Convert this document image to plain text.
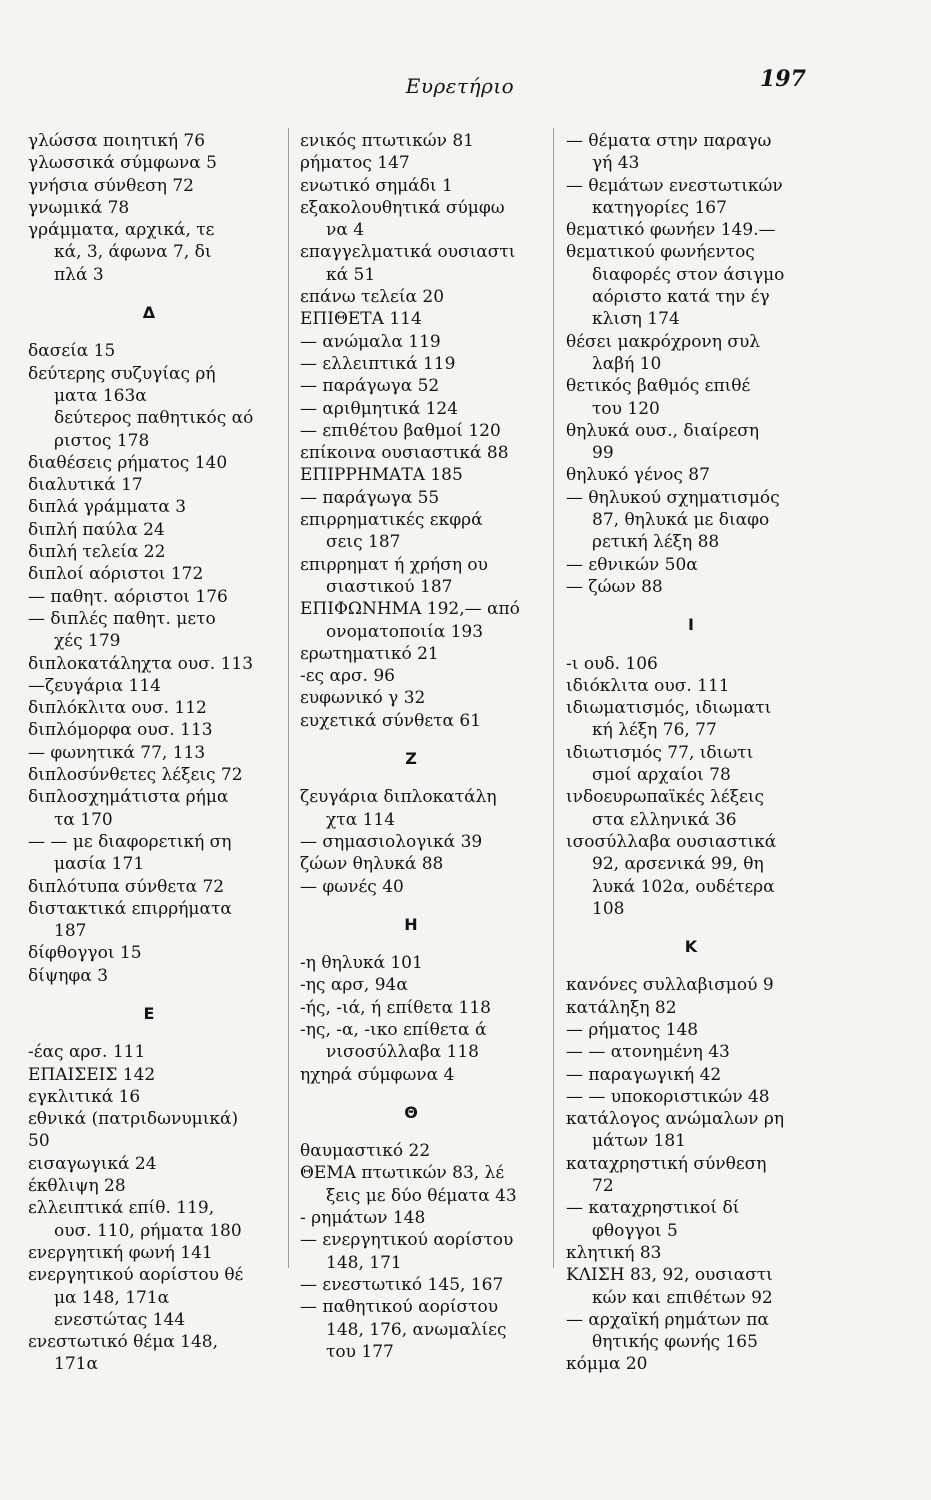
Ευρετήριο	197
γλώσσα ποιητική 76
γλωσσικά σύμφωνα 5
γνήσια σύνθεση 72
γνωμικά 78
γράμματα, αρχικά, τε
κά, 3, άφωνα 7, δι
πλά 3
Δ
δασεία 15
δεύτερης συζυγίας ρή
ματα 163α
δεύτερος παθητικός αό
ριστος 178
διαθέσεις ρήματος 140
διαλυτικά 17
διπλά γράμματα 3
διπλή παύλα 24
διπλή τελεία 22
διπλοί αόριστοι 172
— παθητ. αόριστοι 176
— διπλές παθητ. μετο
χές 179
διπλοκατάληχτα ουσ. 113
—ζευγάρια 114
διπλόκλιτα ουσ. 112
διπλόμορφα ουσ. 113
— φωνητικά 77, 113
διπλοσύνθετες λέξεις 72
διπλοσχημάτιστα ρήμα
τα 170
— — με διαφορετική ση
μασία 171
διπλότυπα σύνθετα 72
διστακτικά επιρρήματα
187
δίφθογγοι 15
δίψηφα 3
Ε
-έας αρσ. 111
ΕΠΑΙΣΕΙΣ 142
εγκλιτικά 16
εθνικά (πατριδωνυμικά)
50
εισαγωγικά 24
έκθλιψη 28
ελλειπτικά επίθ. 119,
ουσ. 110, ρήματα 180
ενεργητική φωνή 141
ενεργητικού αορίστου θέ
μα 148, 171α
ενεστώτας 144
ενεστωτικό θέμα 148,
171α
ενικός πτωτικών 81
ρήματος 147
ενωτικό σημάδι 1
εξακολουθητικά σύμφω
να 4
επαγγελματικά ουσιαστι
κά 51
επάνω τελεία 20
ΕΠΙΘΕΤΑ 114
— ανώμαλα 119
— ελλειπτικά 119
— παράγωγα 52
— αριθμητικά 124
— επιθέτου βαθμοί 120
επίκοινα ουσιαστικά 88
ΕΠΙΡΡΗΜΑΤΑ 185
— παράγωγα 55
επιρρηματικές εκφρά
σεις 187
επιρρηματ ή χρήση ου
σιαστικού 187
ΕΠΙΦΩΝΗΜΑ 192,— από
ονοματοποιία 193
ερωτηματικό 21
-ες αρσ. 96
ευφωνικό γ 32
ευχετικά σύνθετα 61
Ζ
ζευγάρια διπλοκατάλη
χτα 114
— σημασιολογικά 39
ζώων θηλυκά 88
— φωνές 40
Η
-η θηλυκά 101
-ης αρσ, 94α
-ής, -ιά, ή επίθετα 118
-ης, -α, -ικο επίθετα ά
νισοσύλλαβα 118
ηχηρά σύμφωνα 4
Θ
θαυμαστικό 22
ΘΕΜΑ πτωτικών 83, λέ
ξεις με δύο θέματα 43
- ρημάτων 148
— ενεργητικού αορίστου
148, 171
— ενεστωτικό 145, 167
— παθητικού αορίστου
148, 176, ανωμαλίες
του 177
— θέματα στην παραγω
γή 43
— θεμάτων ενεστωτικών
κατηγορίες 167
θεματικό φωνήεν 149.—
θεματικού φωνήεντος
διαφορές στον άσιγμο
αόριστο κατά την έγ
κλιση 174
θέσει μακρόχρονη συλ
λαβή 10
θετικός βαθμός επιθέ
του 120
θηλυκά ουσ., διαίρεση
99
θηλυκό γένος 87
— θηλυκού σχηματισμός
87, θηλυκά με διαφο
ρετική λέξη 88
— εθνικών 50α
— ζώων 88
Ι
-ι ουδ. 106
ιδιόκλιτα ουσ. 111
ιδιωματισμός, ιδιωματι
κή λέξη 76, 77
ιδιωτισμός 77, ιδιωτι
σμοί αρχαίοι 78
ινδοευρωπαϊκές λέξεις
στα ελληνικά 36
ισοσύλλαβα ουσιαστικά
92, αρσενικά 99, θη
λυκά 102α, ουδέτερα
108
Κ
κανόνες συλλαβισμού 9
κατάληξη 82
— ρήματος 148
— — ατονημένη 43
— παραγωγική 42
— — υποκοριστικών 48
κατάλογος ανώμαλων ρη
μάτων 181
καταχρηστική σύνθεση
72
— καταχρηστικοί δί
φθογγοι 5
κλητική 83
ΚΛΙΣΗ 83, 92, ουσιαστι
κών και επιθέτων 92
— αρχαϊκή ρημάτων πα
θητικής φωνής 165
κόμμα 20
